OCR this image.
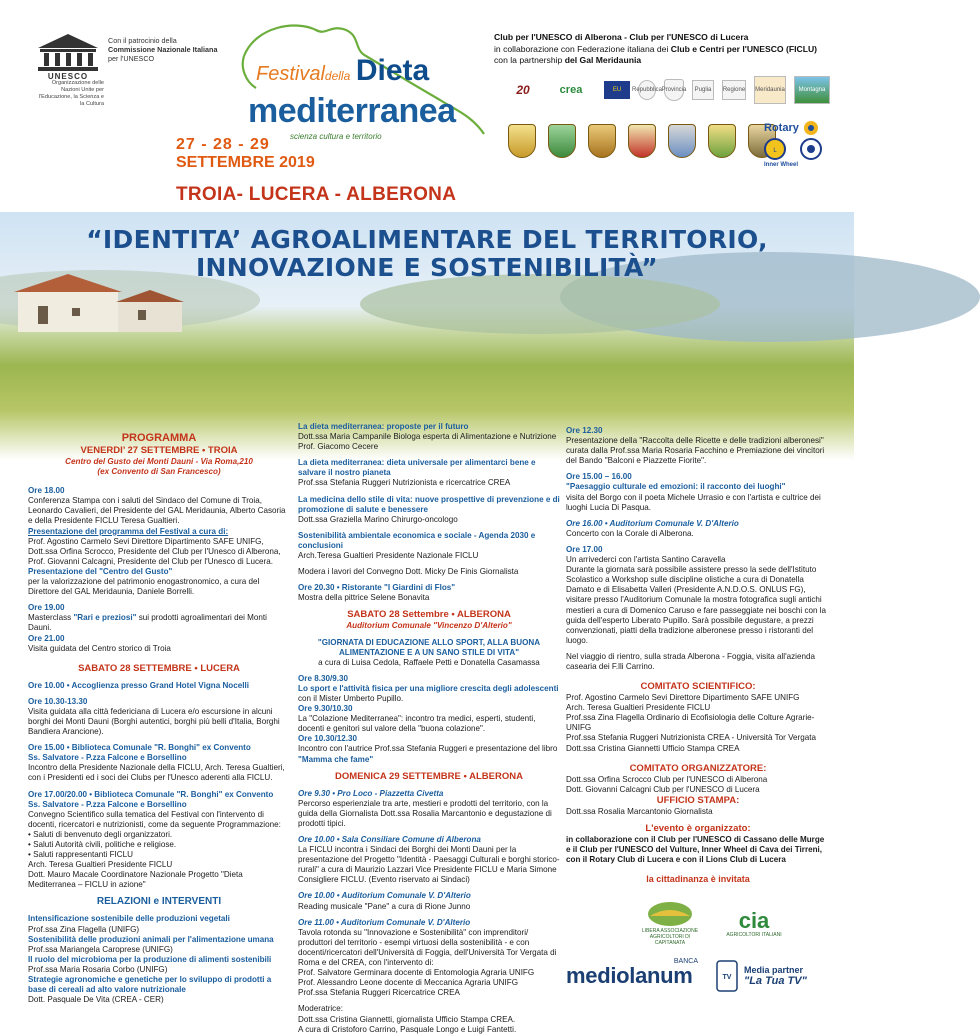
UNESCO
Organizzazione delle Nazioni Unite per l'Educazione, la Scienza e la Cultura
Con il patrocinio della
Commissione Nazionale Italiana
per l'UNESCO
Festivaldella Dieta
mediterranea
scienza cultura e territorio
27 - 28 - 29
SETTEMBRE 2019
TROIA- LUCERA - ALBERONA
Club per l'UNESCO di Alberona - Club per l'UNESCO di Lucera
in collaborazione con Federazione italiana dei Club e Centri per l'UNESCO (FICLU)
con la partnership del Gal Meridaunia
20	crea	EU	Repubblica Provincia	Puglia	Regione Meridaunia	Montagna
Rotary
L
Inner Wheel
“IDENTITA’ AGROALIMENTARE DEL TERRITORIO,
INNOVAZIONE E SOSTENIBILITÀ”

PROGRAMMA

VENERDI’ 27 SETTEMBRE • TROIA

Centro del Gusto dei Monti Dauni - Via Roma,210

(ex Convento di San Francesco)

Ore 18.00

Conferenza Stampa con i saluti del Sindaco del Comune di Troia, Leonardo Cavalieri, del Presidente del GAL Meridaunia, Alberto Casoria e della Presidente FICLU Teresa Gualtieri.

Presentazione del programma del Festival a cura di:

Prof. Agostino Carmelo Sevi Direttore Dipartimento SAFE UNIFG,

Dott.ssa Orfina Scrocco, Presidente del Club per l'Unesco di Alberona,

Prof. Giovanni Calcagni, Presidente del Club per l'Unesco di Lucera.

Presentazione del "Centro del Gusto"

per la valorizzazione del patrimonio enogastronomico, a cura del Direttore del GAL Meridaunia, Daniele Borrelli.

Ore 19.00

Masterclass "Rari e preziosi" sui prodotti agroalimentari dei Monti Dauni.

Ore 21.00

Visita guidata del Centro storico di Troia

SABATO 28 SETTEMBRE • LUCERA

Ore 10.00 • Accoglienza presso Grand Hotel Vigna Nocelli

Ore 10.30-13.30

Visita guidata alla città federiciana di Lucera e/o escursione in alcuni borghi dei Monti Dauni (Borghi autentici, borghi più belli d'Italia, Borghi Bandiera Arancione).

Ore 15.00 • Biblioteca Comunale "R. Bonghi" ex Convento

Ss. Salvatore - P.zza Falcone e Borsellino

Incontro della Presidente Nazionale della FICLU, Arch. Teresa Gualtieri, con i Presidenti ed i soci dei Clubs per l'Unesco aderenti alla FICLU.

Ore 17.00/20.00 • Biblioteca Comunale "R. Bonghi" ex Convento

Ss. Salvatore - P.zza Falcone e Borsellino

Convegno Scientifico sulla tematica del Festival con l'intervento di docenti, ricercatori e nutrizionisti, come da seguente Programmazione:

• Saluti di benvenuto degli organizzatori.

• Saluti Autorità civili, politiche e religiose.

• Saluti rappresentanti FICLU

Arch. Teresa Gualtieri Presidente FICLU

Dott. Mauro Macale Coordinatore Nazionale Progetto "Dieta Mediterranea – FICLU in azione"

RELAZIONI e INTERVENTI

Intensificazione sostenibile delle produzioni vegetali

Prof.ssa Zina Flagella (UNIFG)

Sostenibilità delle produzioni animali per l'alimentazione umana

Prof.ssa Mariangela Caroprese (UNIFG)

Il ruolo del microbioma per la produzione di alimenti sostenibili

Prof.ssa Maria Rosaria Corbo (UNIFG)

Strategie agronomiche e genetiche per lo sviluppo di prodotti a base di cereali ad alto valore nutrizionale

Dott. Pasquale De Vita (CREA - CER)

La dieta mediterranea: proposte per il futuro

Dott.ssa Maria Campanile Biologa esperta di Alimentazione e Nutrizione

Prof. Giacomo Cecere

La dieta mediterranea: dieta universale per alimentarci bene e salvare il nostro pianeta

Prof.ssa Stefania Ruggeri Nutrizionista e ricercatrice CREA

La medicina dello stile di vita: nuove prospettive di prevenzione e di promozione di salute e benessere

Dott.ssa Graziella Marino Chirurgo-oncologo

Sostenibilità ambientale economica e sociale - Agenda 2030 e conclusioni

Arch.Teresa Gualtieri Presidente Nazionale FICLU

Modera i lavori del Convegno Dott. Micky De Finis Giornalista

Ore 20.30 • Ristorante "I Giardini di Flos"

Mostra della pittrice Selene Bonavita

SABATO 28 Settembre • ALBERONA

Auditorium Comunale "Vincenzo D'Alterio"

"GIORNATA DI EDUCAZIONE ALLO SPORT, ALLA BUONA ALIMENTAZIONE E A UN SANO STILE DI VITA"

a cura di Luisa Cedola, Raffaele Petti e Donatella Casamassa

Ore 8.30/9.30

Lo sport e l'attività fisica per una migliore crescita degli adolescenti

con il Mister Umberto Pupillo.

Ore 9.30/10.30

La "Colazione Mediterranea": incontro tra medici, esperti, studenti, docenti e genitori sul valore della "buona colazione".

Ore 10.30/12.30

Incontro con l'autrice Prof.ssa Stefania Ruggeri e presentazione del libro

"Mamma che fame"

DOMENICA 29 SETTEMBRE • ALBERONA

Ore 9.30 • Pro Loco - Piazzetta Civetta

Percorso esperienziale tra arte, mestieri e prodotti del territorio, con la guida della Giornalista Dott.ssa Rosalia Marcantonio e degustazione di prodotti tipici.

Ore 10.00 • Sala Consiliare Comune di Alberona

La FICLU incontra i Sindaci dei Borghi dei Monti Dauni per la presentazione del Progetto "Identità - Paesaggi Culturali e borghi storico-rurali" a cura di Maurizio Lazzari Vice Presidente FICLU e Maria Simone Consigliere FICLU. (Evento riservato ai Sindaci)

Ore 10.00 • Auditorium Comunale V. D'Alterio

Reading musicale "Pane" a cura di Rione Junno

Ore 11.00 • Auditorium Comunale V. D'Alterio

Tavola rotonda su "Innovazione e Sostenibilità" con imprenditori/ produttori del territorio - esempi virtuosi della sostenibilità - e con docenti/ricercatori dell'Università di Foggia, dell'Università Tor Vergata di Roma e del CREA, con l'intervento di:

Prof. Salvatore Germinara docente di Entomologia Agraria UNIFG

Prof. Alessandro Leone docente di Meccanica Agraria UNIFG

Prof.ssa Stefania Ruggeri Ricercatrice CREA

Moderatrice:

Dott.ssa Cristina Giannetti, giornalista Ufficio Stampa CREA.

A cura di Cristoforo Carrino, Pasquale Longo e Luigi Fantetti.

Ore 12.30

Presentazione della "Raccolta delle Ricette e delle tradizioni alberonesi" curata dalla Prof.ssa Maria Rosaria Facchino e Premiazione dei vincitori del Bando "Balconi e Piazzette Fiorite".

Ore 15.00 – 16.00

"Paesaggio culturale ed emozioni: il racconto dei luoghi"

visita del Borgo con il poeta Michele Urrasio e con l'artista e cultrice dei luoghi Lucia Di Pasqua.

Ore 16.00 • Auditorium Comunale V. D'Alterio

Concerto con la Corale di Alberona.

Ore 17.00

Un arrivederci con l'artista Santino Caravella

Durante la giornata sarà possibile assistere presso la sede dell'Istituto Scolastico a Workshop sulle discipline olistiche a cura di Donatella Damato e di Elisabetta Valleri (Presidente A.N.D.O.S. ONLUS FG), visitare presso l'Auditorium Comunale la mostra fotografica sugli antichi mestieri a cura di Domenico Caruso e fare passeggiate nei boschi con la guida dell'esperto Liberato Pupillo. Sarà possibile degustare, a prezzi convenzionati, piatti della tradizione alberonese presso i ristoranti del luogo.

Nel viaggio di rientro, sulla strada Alberona - Foggia, visita all'azienda casearia dei F.lli Carrino.

COMITATO SCIENTIFICO:

Prof. Agostino Carmelo Sevi Direttore Dipartimento SAFE UNIFG

Arch. Teresa Gualtieri Presidente FICLU

Prof.ssa Zina Flagella Ordinario di Ecofisiologia delle Colture Agrarie- UNIFG

Prof.ssa Stefania Ruggeri Nutrizionista CREA - Università Tor Vergata

Dott.ssa Cristina Giannetti Ufficio Stampa CREA

COMITATO ORGANIZZATORE:

Dott.ssa Orfina Scrocco Club per l'UNESCO di Alberona

Dott. Giovanni Calcagni Club per l'UNESCO di Lucera

UFFICIO STAMPA:

Dott.ssa Rosalia Marcantonio Giornalista

L'evento è organizzato:

in collaborazione con il Club per l'UNESCO di Cassano delle Murge e il Club per l'UNESCO del Vulture, Inner Wheel di Cava dei Tirreni, con il Rotary Club di Lucera e con il Lions Club di Lucera

la cittadinanza è invitata

LIBERA ASSOCIAZIONE AGRICOLTORI DI CAPITANATA

cia
AGRICOLTORI ITALIANI
BANCA
mediolanum	TV
Media partner
"La Tua TV"
